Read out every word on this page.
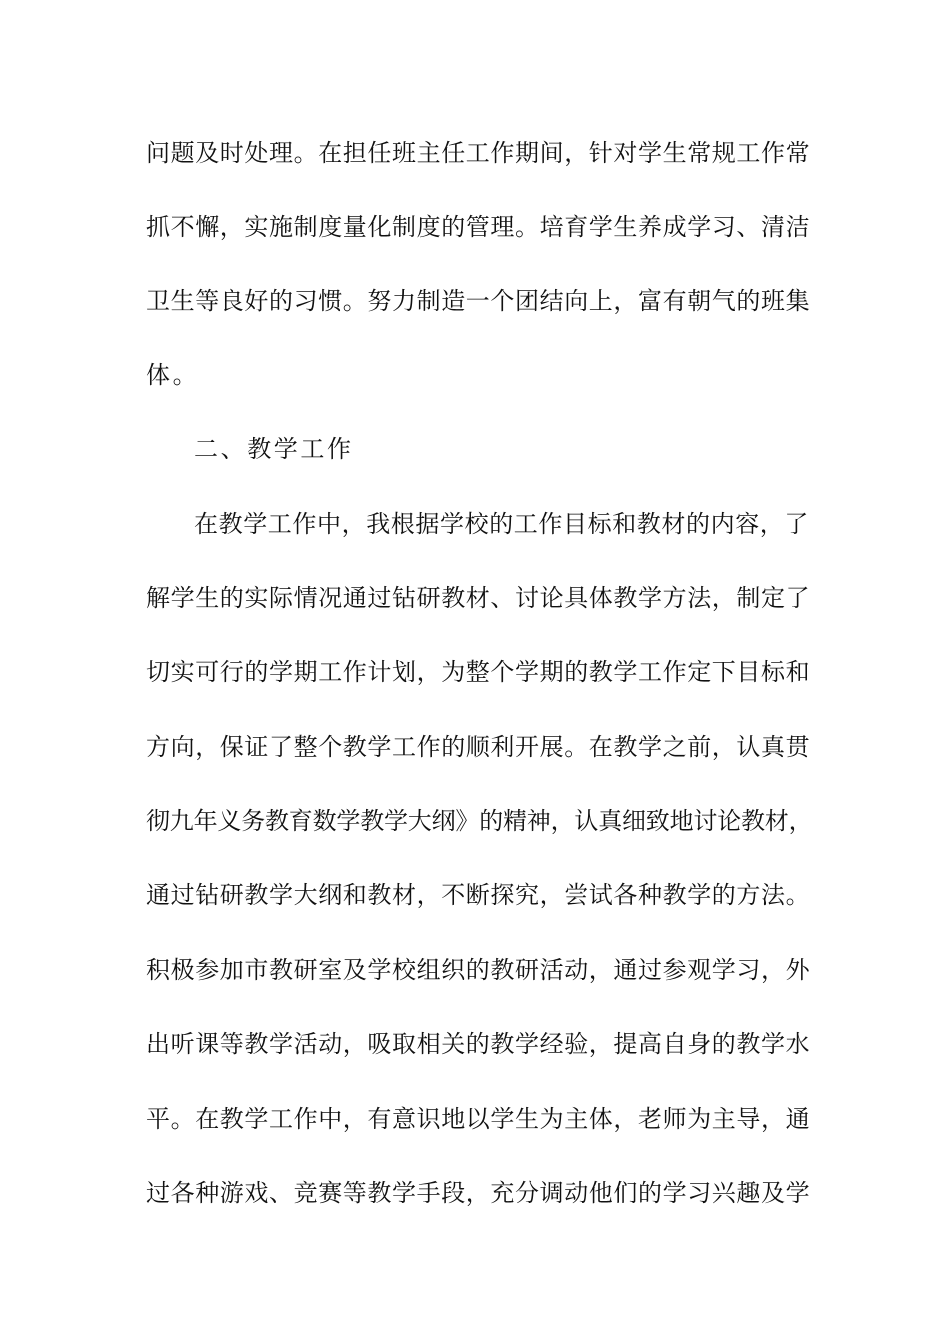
问题及时处理。在担任班主任工作期间，针对学生常规工作常
抓不懈，实施制度量化制度的管理。培育学生养成学习、清洁
卫生等良好的习惯。努力制造一个团结向上，富有朝气的班集
体。
二、教学工作
在教学工作中，我根据学校的工作目标和教材的内容，了
解学生的实际情况通过钻研教材、讨论具体教学方法，制定了
切实可行的学期工作计划，为整个学期的教学工作定下目标和
方向，保证了整个教学工作的顺利开展。在教学之前，认真贯
彻九年义务教育数学教学大纲》的精神，认真细致地讨论教材，
通过钻研教学大纲和教材，不断探究，尝试各种教学的方法。
积极参加市教研室及学校组织的教研活动，通过参观学习，外
出听课等教学活动，吸取相关的教学经验，提高自身的教学水
平。在教学工作中，有意识地以学生为主体，老师为主导，通
过各种游戏、竞赛等教学手段，充分调动他们的学习兴趣及学
